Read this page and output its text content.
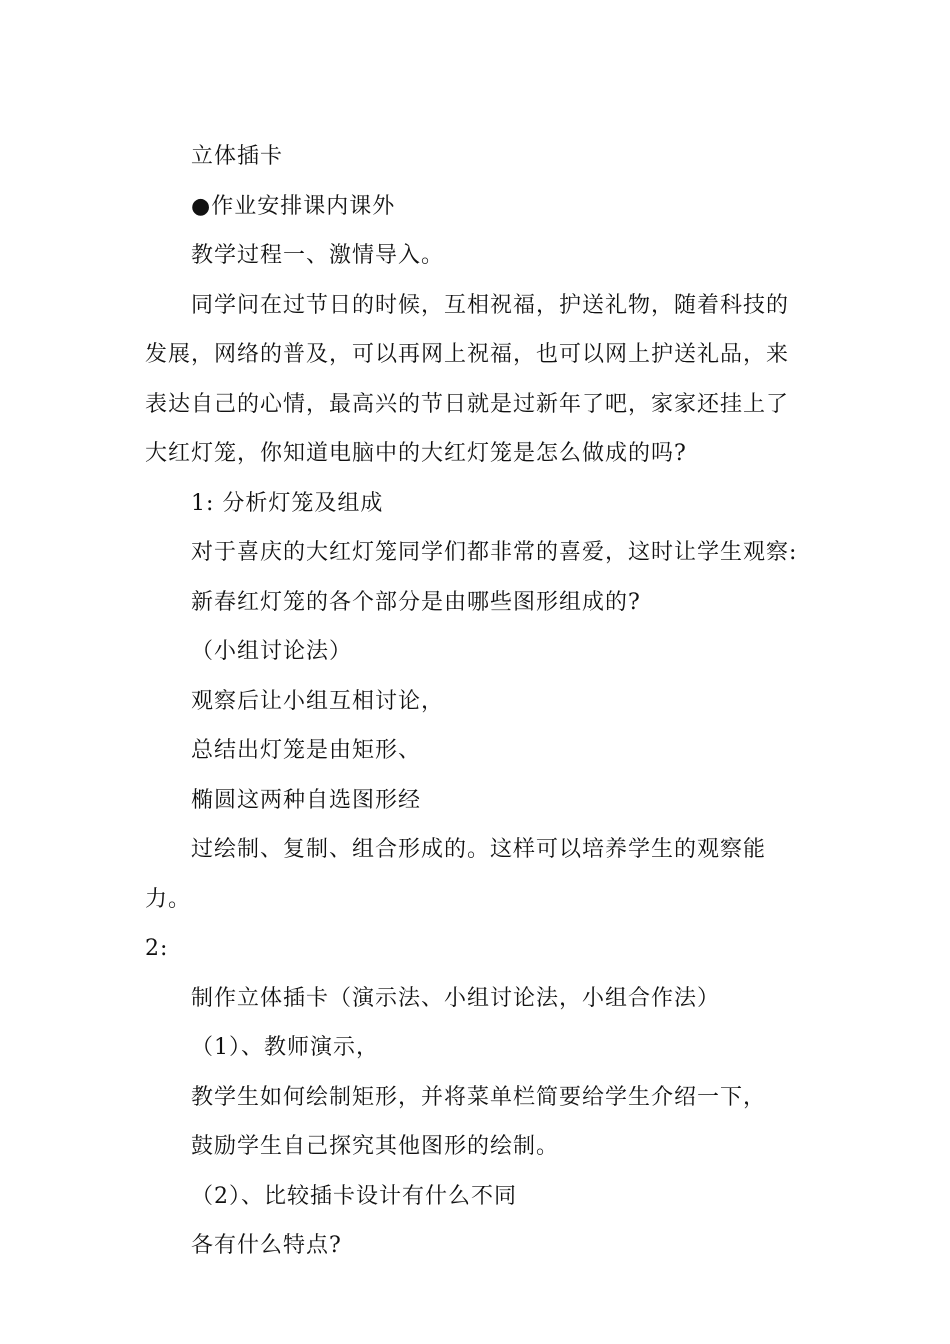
立体插卡

●作业安排课内课外

教学过程一、激情导入。

同学问在过节日的时候，互相祝福，护送礼物，随着科技的发展，网络的普及，可以再网上祝福，也可以网上护送礼品，来表达自己的心情，最高兴的节日就是过新年了吧，家家还挂上了大红灯笼，你知道电脑中的大红灯笼是怎么做成的吗?

1: 分析灯笼及组成

对于喜庆的大红灯笼同学们都非常的喜爱，这时让学生观察:

新春红灯笼的各个部分是由哪些图形组成的?

（小组讨论法）

观察后让小组互相讨论，

总结出灯笼是由矩形、

椭圆这两种自选图形经

过绘制、复制、组合形成的。这样可以培养学生的观察能力。

2:

制作立体插卡（演示法、小组讨论法，小组合作法）

（1）、教师演示，

教学生如何绘制矩形，并将菜单栏简要给学生介绍一下，

鼓励学生自己探究其他图形的绘制。

（2）、比较插卡设计有什么不同

各有什么特点?
